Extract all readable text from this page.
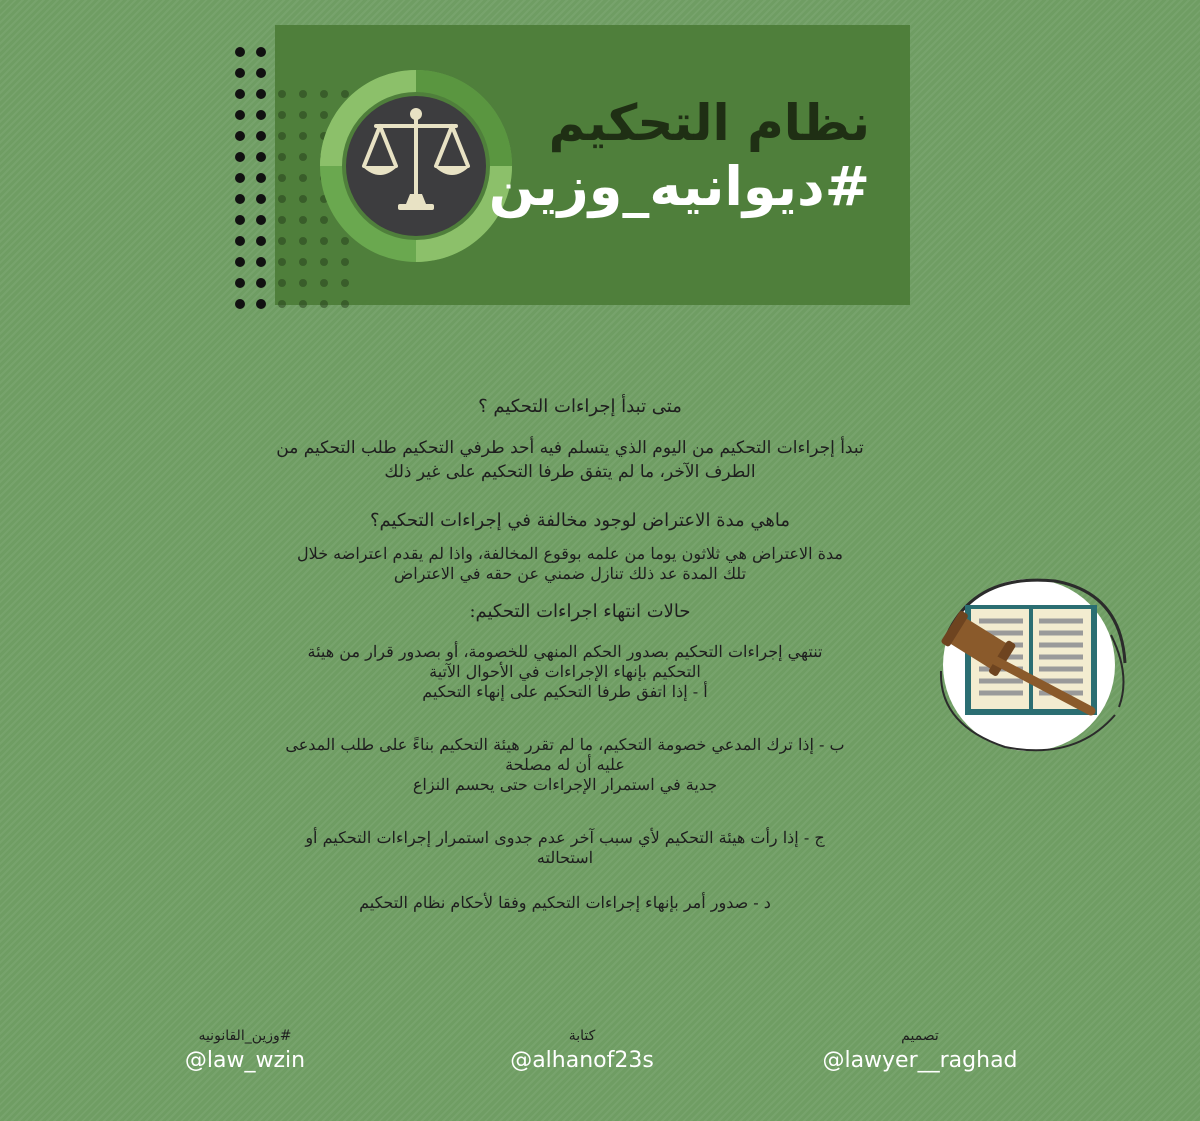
نظام التحكيم
#ديوانيه_وزين
متى تبدأ إجراءات التحكيم ؟
تبدأ إجراءات التحكيم من اليوم الذي يتسلم فيه أحد طرفي التحكيم طلب التحكيم من
الطرف الآخر، ما لم يتفق طرفا التحكيم على غير ذلك
ماهي مدة الاعتراض لوجود مخالفة في إجراءات التحكيم؟
مدة الاعتراض هي ثلاثون يوما من علمه بوقوع المخالفة، واذا لم يقدم اعتراضه خلال
تلك المدة عد ذلك تنازل ضمني عن حقه في الاعتراض
حالات انتهاء اجراءات التحكيم:
تنتهي إجراءات التحكيم بصدور الحكم المنهي للخصومة، أو بصدور قرار من هيئة
التحكيم بإنهاء الإجراءات في الأحوال الآتية
أ - إذا اتفق طرفا التحكيم على إنهاء التحكيم
ب - إذا ترك المدعي خصومة التحكيم، ما لم تقرر هيئة التحكيم بناءً على طلب المدعى
عليه أن له مصلحة
جدية في استمرار الإجراءات حتى يحسم النزاع
ج - إذا رأت هيئة التحكيم لأي سبب آخر عدم جدوى استمرار إجراءات التحكيم أو
استحالته
د - صدور أمر بإنهاء إجراءات التحكيم وفقا لأحكام نظام التحكيم
#وزين_القانونيه
@law_wzin
كتابة
@alhanof23s
تصميم
@lawyer__raghad
